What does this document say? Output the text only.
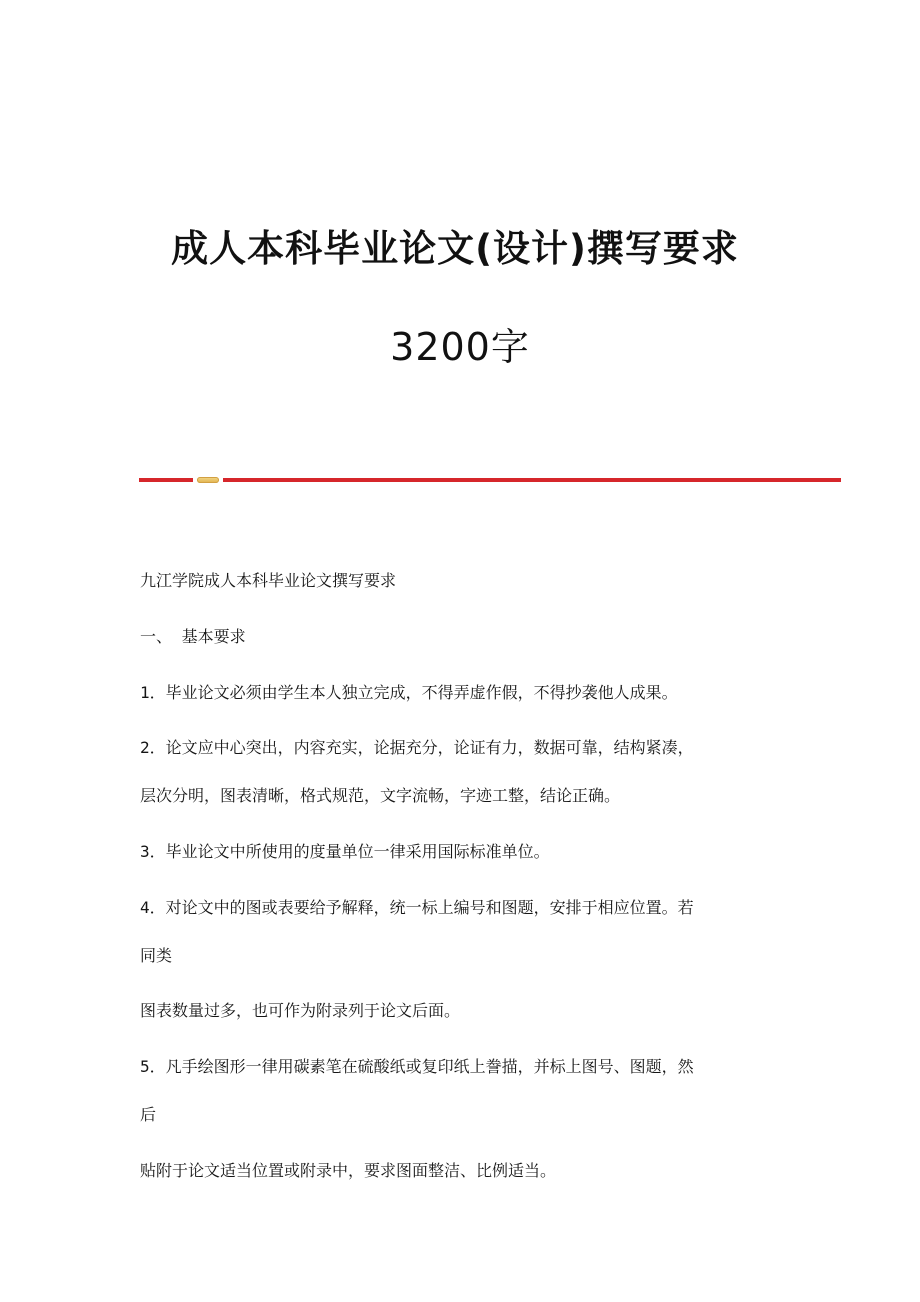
成人本科毕业论文(设计)撰写要求
3200字

九江学院成人本科毕业论文撰写要求

一、 基本要求

1．毕业论文必须由学生本人独立完成，不得弄虚作假，不得抄袭他人成果。

2．论文应中心突出，内容充实，论据充分，论证有力，数据可靠，结构紧凑，

层次分明，图表清晰，格式规范，文字流畅，字迹工整，结论正确。

3．毕业论文中所使用的度量单位一律采用国际标准单位。

4．对论文中的图或表要给予解释，统一标上编号和图题，安排于相应位置。若

同类

图表数量过多，也可作为附录列于论文后面。

5．凡手绘图形一律用碳素笔在硫酸纸或复印纸上誊描，并标上图号、图题，然

后

贴附于论文适当位置或附录中，要求图面整洁、比例适当。
